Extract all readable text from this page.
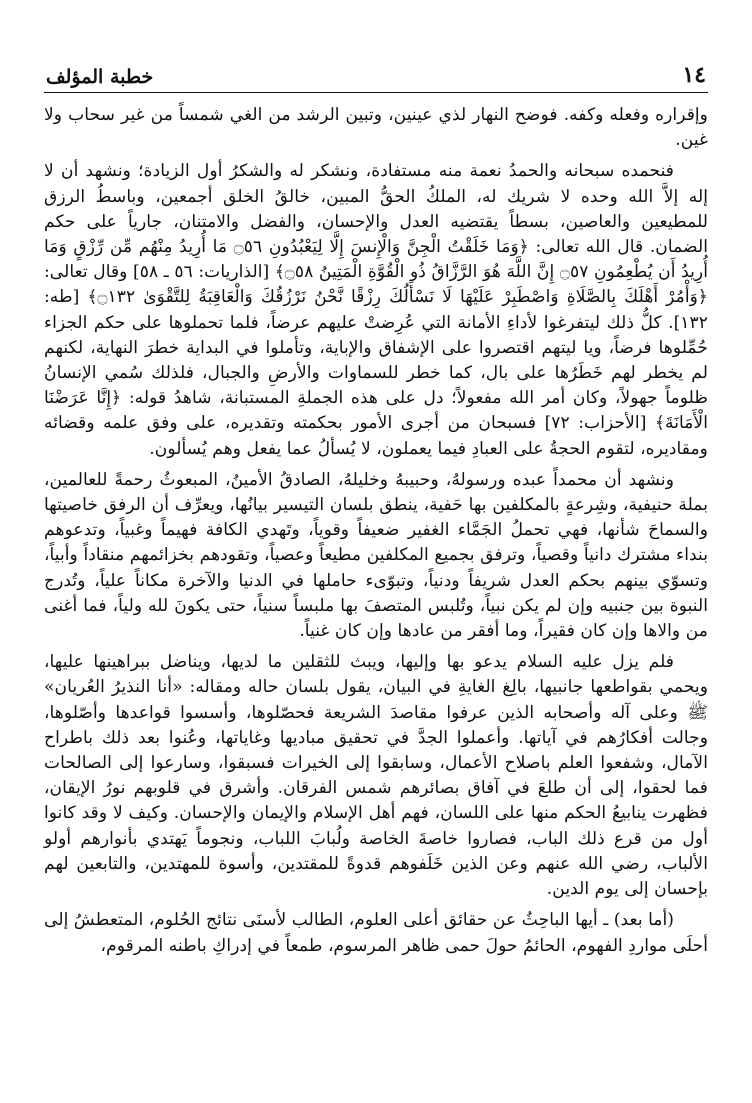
١٤
خطبة المؤلف

وإقراره وفعله وكفه. فوضح النهار لذي عينين، وتبين الرشد من الغي شمساً من غير سحاب ولا غين.

فنحمده سبحانه والحمدُ نعمة منه مستفادة، ونشكر له والشكرُ أول الزيادة؛ ونشهد أن لا إله إلاَّ الله وحده لا شريك له، الملكُ الحقُّ المبين، خالقُ الخلق أجمعين، وباسطُ الرزق للمطيعين والعاصين، بسطاً يقتضيه العدل والإحسان، والفضل والامتنان، جارياً على حكم الضمان. قال الله تعالى: ﴿وَمَا خَلَقْتُ الْجِنَّ وَالْإِنسَ إِلَّا لِيَعْبُدُونِ ۝٥٦ مَا أُرِيدُ مِنْهُم مِّن رِّزْقٍ وَمَا أُرِيدُ أَن يُطْعِمُونِ ۝٥٧ إِنَّ اللَّهَ هُوَ الرَّزَّاقُ ذُو الْقُوَّةِ الْمَتِينُ ۝٥٨﴾ [الذاريات: ٥٦ ـ ٥٨] وقال تعالى: ﴿وَأْمُرْ أَهْلَكَ بِالصَّلَاةِ وَاصْطَبِرْ عَلَيْهَا لَا نَسْأَلُكَ رِزْقًا نَّحْنُ نَرْزُقُكَ وَالْعَاقِبَةُ لِلتَّقْوَىٰ ۝١٣٢﴾ [طه: ١٣٢]. كلُّ ذلك ليتفرغوا لأداءِ الأمانة التي عُرِضتْ عليهم عرضاً، فلما تحملوها على حكم الجزاء حُمِّلوها فرضاً، ويا ليتهم اقتصروا على الإشفاق والإباية، وتأملوا في البداية خطرَ النهاية، لكنهم لم يخطر لهم خَطَرُها على بال، كما خطر للسماوات والأرضِ والجبال، فلذلك سُمي الإنسانُ ظلوماً جهولاً، وكان أمر الله مفعولاً؛ دل على هذه الجملةِ المستبانة، شاهدُ قوله: ﴿إِنَّا عَرَضْنَا الْأَمَانَةَ﴾ [الأحزاب: ٧٢] فسبحان من أجرى الأمور بحكمته وتقديره، على وفق علمه وقضائه ومقاديره، لتقوم الحجةُ على العبادِ فيما يعملون، لا يُسألُ عما يفعل وهم يُسألون.

ونشهد أن محمداً عبده ورسولهُ، وحبيبهُ وخليلهُ، الصادقُ الأمينُ، المبعوثُ رحمةً للعالمين، بملة حنيفية، وشِرعةٍ بالمكلفين بها حَفية، ينطق بلسان التيسير بيانُها، ويعرِّف أن الرفق خاصيتها والسماحَ شأنها، فهي تحملُ الجَمَّاء الغفير ضعيفاً وقوياً، وتَهدي الكافة فهيماً وغبياً، وتدعوهم بنداء مشترك دانياً وقصياً، وترفق بجميع المكلفين مطيعاً وعصياً، وتقودهم بخزائمهم منقاداً وأبياً، وتسوّي بينهم بحكم العدل شريفاً ودنياً، وتبوّىء حاملها في الدنيا والآخرة مكاناً علياً، وتُدرج النبوة بين جنبيه وإن لم يكن نبياً، وتُلبس المتصفَ بها ملبساً سنياً، حتى يكونَ لله ولياً، فما أغنى من والاها وإن كان فقيراً، وما أفقر من عادها وإن كان غنياً.

فلم يزل عليه السلام يدعو بها وإليها، ويبث للثقلين ما لديها، ويناضل ببراهينها عليها، ويحمي بقواطعها جانبيها، بالِغ الغايةِ في البيان، يقول بلسان حاله ومقاله: «أنا النذيرُ العُريان» ﷺ وعلى آله وأصحابه الذين عرفوا مقاصدَ الشريعة فحصّلوها، وأسسوا قواعدها وأصّلوها، وجالت أفكارُهم في آياتها. وأعملوا الجدَّ في تحقيق مباديها وغاياتها، وعُنوا بعد ذلك باطراح الآمال، وشفعوا العلم باصلاح الأعمال، وسابقوا إلى الخيرات فسبقوا، وسارعوا إلى الصالحات فما لحقوا، إلى أن طلعَ في آفاق بصائرهم شمس الفرقان. وأشرق في قلوبهم نورُ الإيقان، فظهرت ينابيعُ الحكم منها على اللسان، فهم أهل الإسلام والإيمان والإحسان. وكيف لا وقد كانوا أول من قرع ذلك الباب، فصاروا خاصةَ الخاصة ولُبابَ اللباب، ونجوماً يَهتدي بأنوارهم أولو الألباب، رضي الله عنهم وعن الذين خَلَفوهم قدوةً للمقتدين، وأسوة للمهتدين، والتابعين لهم بإحسان إلى يوم الدين.

(أما بعد) ـ أيها الباحِثُ عن حقائق أعلى العلوم، الطالب لأسنَى نتائج الحُلوم، المتعطشُ إلى أحلَى مواردِ الفهوم، الحائمُ حولَ حمى ظاهر المرسوم، طمعاً في إدراكِ باطنه المرقوم،
